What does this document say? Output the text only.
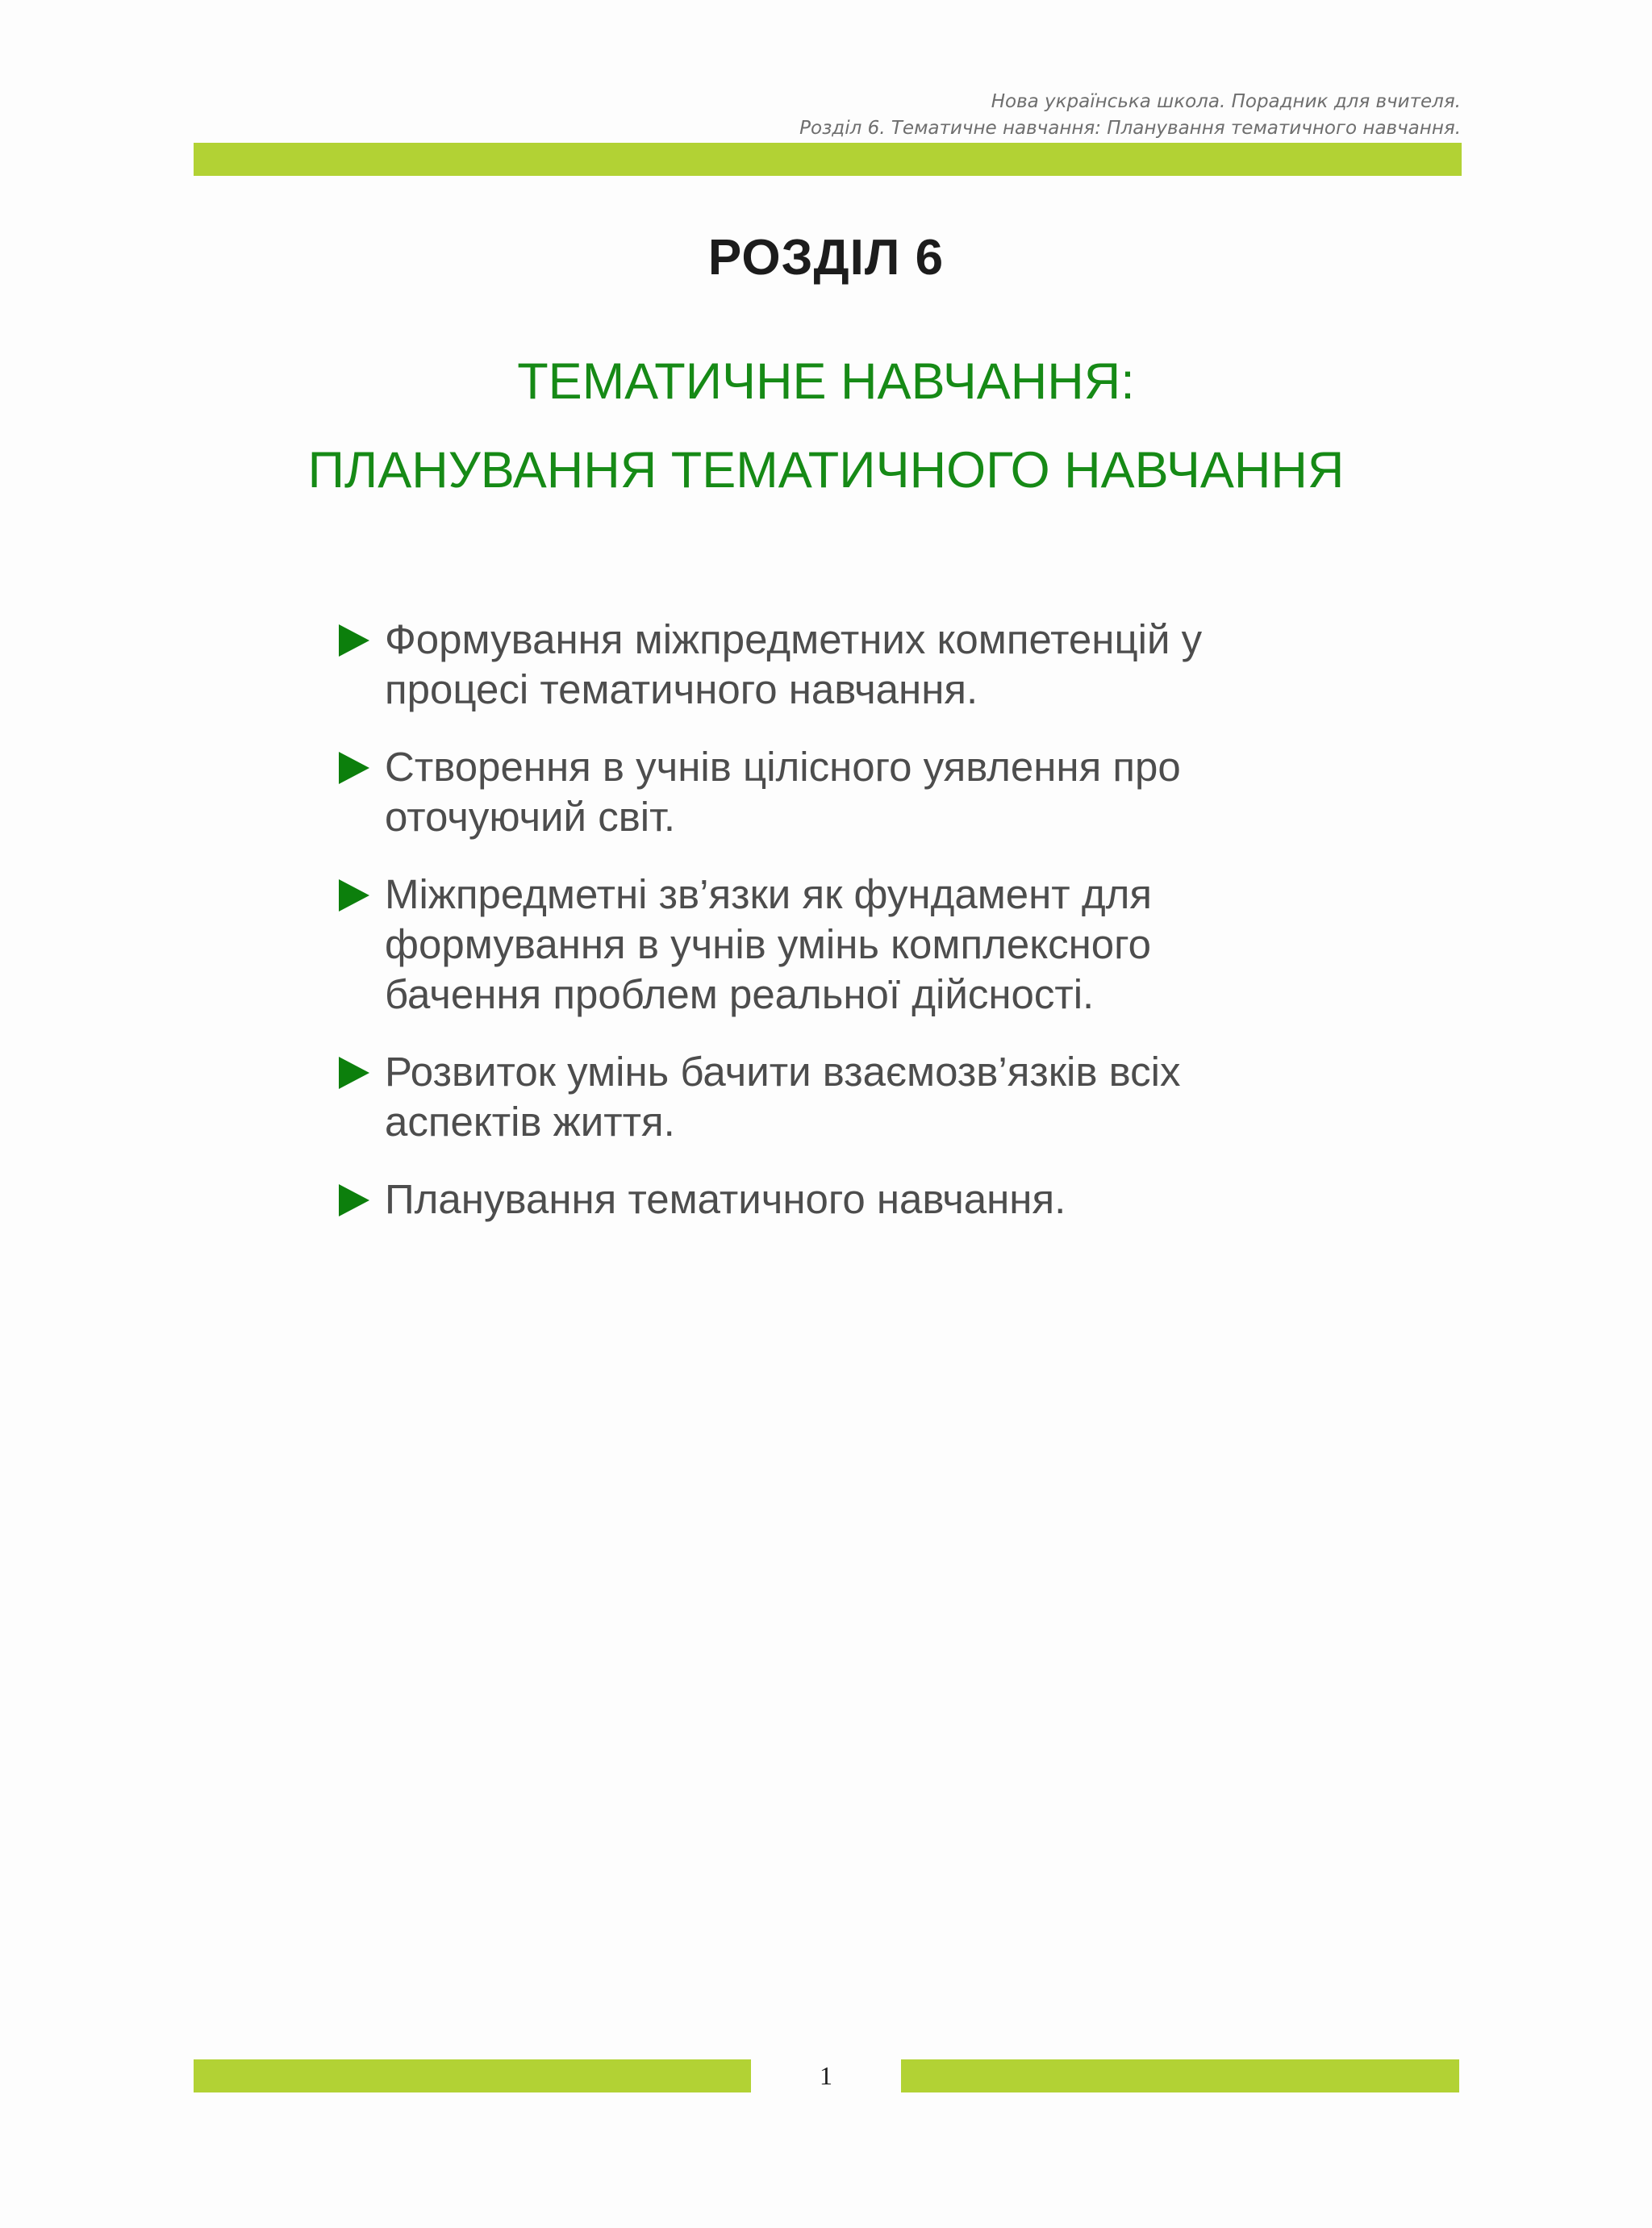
Нова українська школа. Порадник для вчителя.
Розділ 6. Тематичне навчання: Планування тематичного навчання.
РОЗДІЛ 6
ТЕМАТИЧНЕ НАВЧАННЯ:
ПЛАНУВАННЯ ТЕМАТИЧНОГО НАВЧАННЯ
Формування міжпредметних компетенцій у
процесі тематичного навчання.
Створення в учнів цілісного уявлення про
оточуючий світ.
Міжпредметні зв’язки як фундамент для
формування в учнів умінь комплексного
бачення проблем реальної дійсності.
Розвиток умінь бачити взаємозв’язків всіх
аспектів життя.
Планування тематичного навчання.
1
